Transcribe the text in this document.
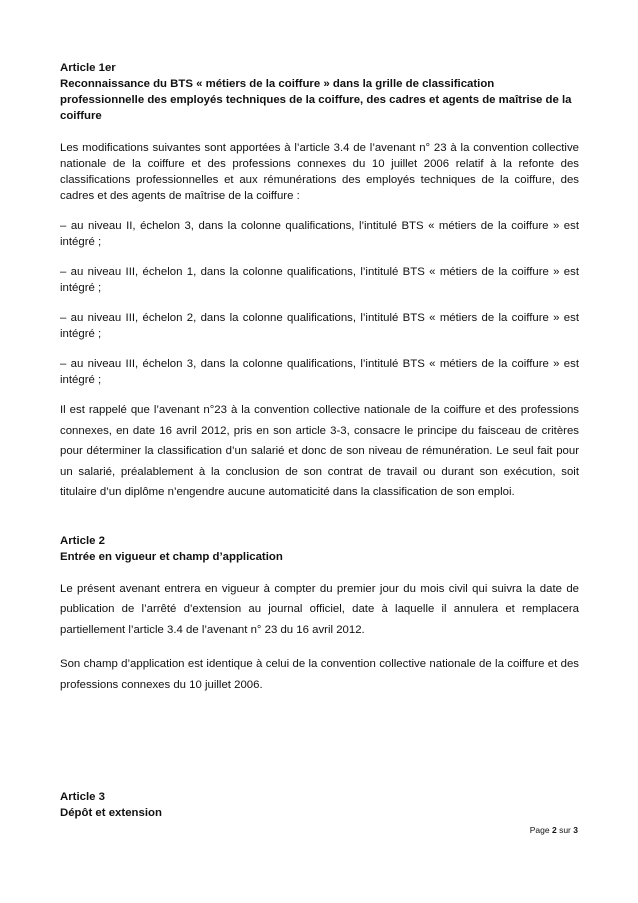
Article 1er

Reconnaissance du BTS « métiers de la coiffure » dans la grille de classification professionnelle des employés techniques de la coiffure, des cadres et agents de maîtrise de la coiffure

Les modifications suivantes sont apportées à l’article 3.4 de l’avenant n° 23 à la convention collective nationale de la coiffure et des professions connexes du 10 juillet 2006 relatif à la refonte des classifications professionnelles et aux rémunérations des employés techniques de la coiffure, des cadres et des agents de maîtrise de la coiffure :

– au niveau II, échelon 3, dans la colonne qualifications, l’intitulé BTS « métiers de la coiffure » est intégré ;

– au niveau III, échelon 1, dans la colonne qualifications, l’intitulé BTS « métiers de la coiffure » est intégré ;

– au niveau III, échelon 2, dans la colonne qualifications, l’intitulé BTS « métiers de la coiffure » est intégré ;

– au niveau III, échelon 3, dans la colonne qualifications, l’intitulé BTS « métiers de la coiffure » est intégré ;

Il est rappelé que l’avenant n°23 à la convention collective nationale de la coiffure et des professions connexes, en date 16 avril 2012, pris en son article 3-3, consacre le principe du faisceau de critères pour déterminer la classification d’un salarié et donc de son niveau de rémunération. Le seul fait pour un salarié, préalablement à la conclusion de son contrat de travail ou durant son exécution, soit titulaire d’un diplôme n’engendre aucune automaticité dans la classification de son emploi.

Article 2

Entrée en vigueur et champ d’application

Le présent avenant entrera en vigueur à compter du premier jour du mois civil qui suivra la date de publication de l’arrêté d’extension au journal officiel, date à laquelle il annulera et remplacera partiellement l’article 3.4 de l’avenant n° 23 du 16 avril 2012.

Son champ d’application est identique à celui de la convention collective nationale de la coiffure et des professions connexes du 10 juillet 2006.

Article 3

Dépôt et extension

Page 2 sur 3
